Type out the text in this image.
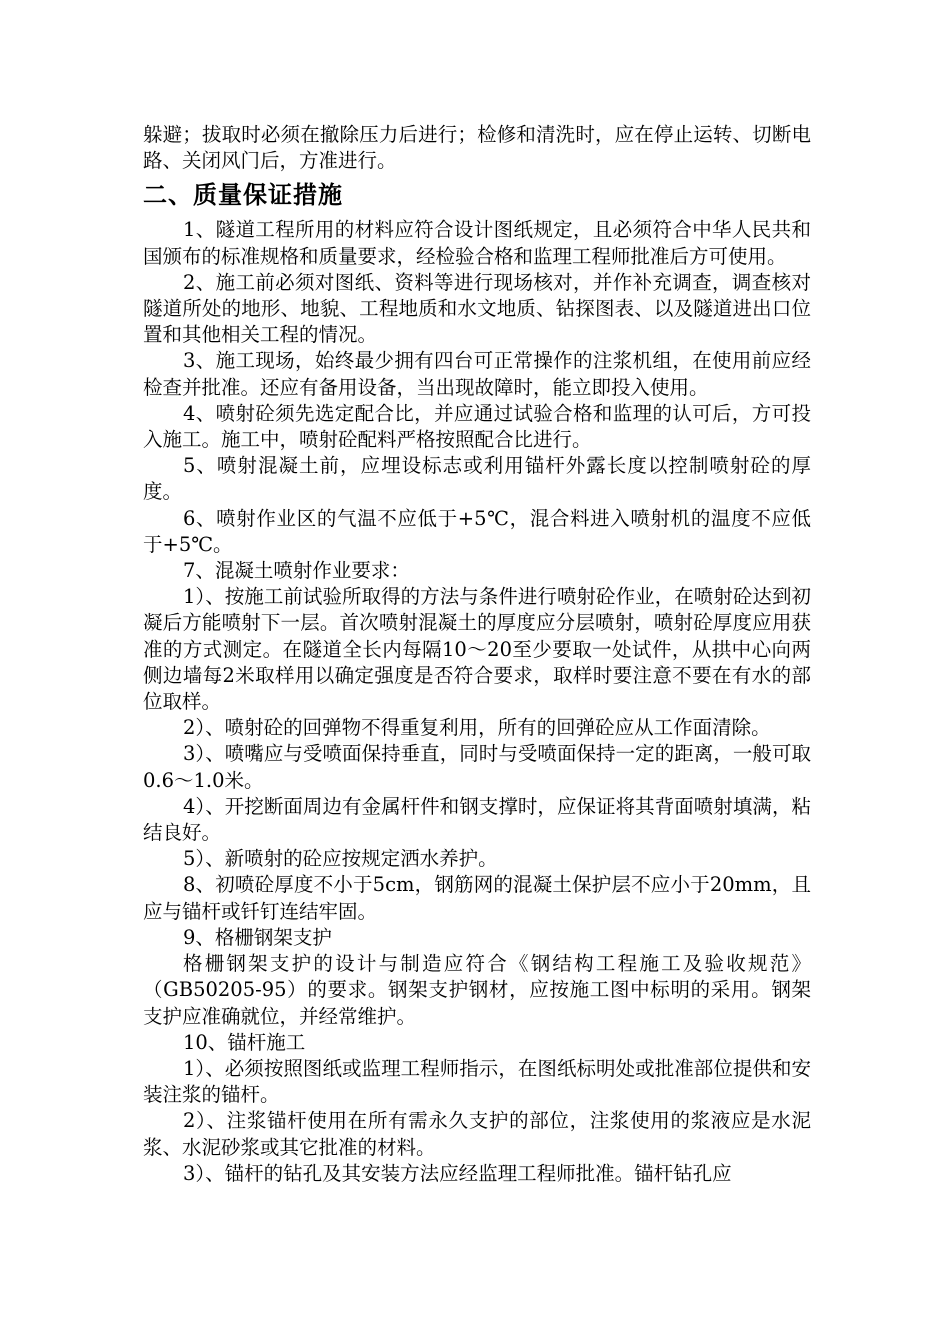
躲避；拔取时必须在撤除压力后进行；检修和清洗时，应在停止运转、切断电路、关闭风门后，方准进行。

二、质量保证措施

1、隧道工程所用的材料应符合设计图纸规定，且必须符合中华人民共和国颁布的标准规格和质量要求，经检验合格和监理工程师批准后方可使用。

2、施工前必须对图纸、资料等进行现场核对，并作补充调查，调查核对隧道所处的地形、地貌、工程地质和水文地质、钻探图表、以及隧道进出口位置和其他相关工程的情况。

3、施工现场，始终最少拥有四台可正常操作的注浆机组，在使用前应经检查并批准。还应有备用设备，当出现故障时，能立即投入使用。

4、喷射砼须先选定配合比，并应通过试验合格和监理的认可后，方可投入施工。施工中，喷射砼配料严格按照配合比进行。

5、喷射混凝土前，应埋设标志或利用锚杆外露长度以控制喷射砼的厚度。

6、喷射作业区的气温不应低于+5℃，混合料进入喷射机的温度不应低于+5℃。

7、混凝土喷射作业要求：

1）、按施工前试验所取得的方法与条件进行喷射砼作业，在喷射砼达到初凝后方能喷射下一层。首次喷射混凝土的厚度应分层喷射，喷射砼厚度应用获准的方式测定。在隧道全长内每隔10～20至少要取一处试件，从拱中心向两侧边墙每2米取样用以确定强度是否符合要求，取样时要注意不要在有水的部位取样。

2）、喷射砼的回弹物不得重复利用，所有的回弹砼应从工作面清除。

3）、喷嘴应与受喷面保持垂直，同时与受喷面保持一定的距离，一般可取0.6～1.0米。

4）、开挖断面周边有金属杆件和钢支撑时，应保证将其背面喷射填满，粘结良好。

5）、新喷射的砼应按规定洒水养护。

8、初喷砼厚度不小于5cm，钢筋网的混凝土保护层不应小于20mm，且应与锚杆或钎钉连结牢固。

9、格栅钢架支护

格栅钢架支护的设计与制造应符合《钢结构工程施工及验收规范》（GB50205-95）的要求。钢架支护钢材，应按施工图中标明的采用。钢架支护应准确就位，并经常维护。

10、锚杆施工

1）、必须按照图纸或监理工程师指示，在图纸标明处或批准部位提供和安装注浆的锚杆。

2）、注浆锚杆使用在所有需永久支护的部位，注浆使用的浆液应是水泥浆、水泥砂浆或其它批准的材料。

3）、锚杆的钻孔及其安装方法应经监理工程师批准。锚杆钻孔应
